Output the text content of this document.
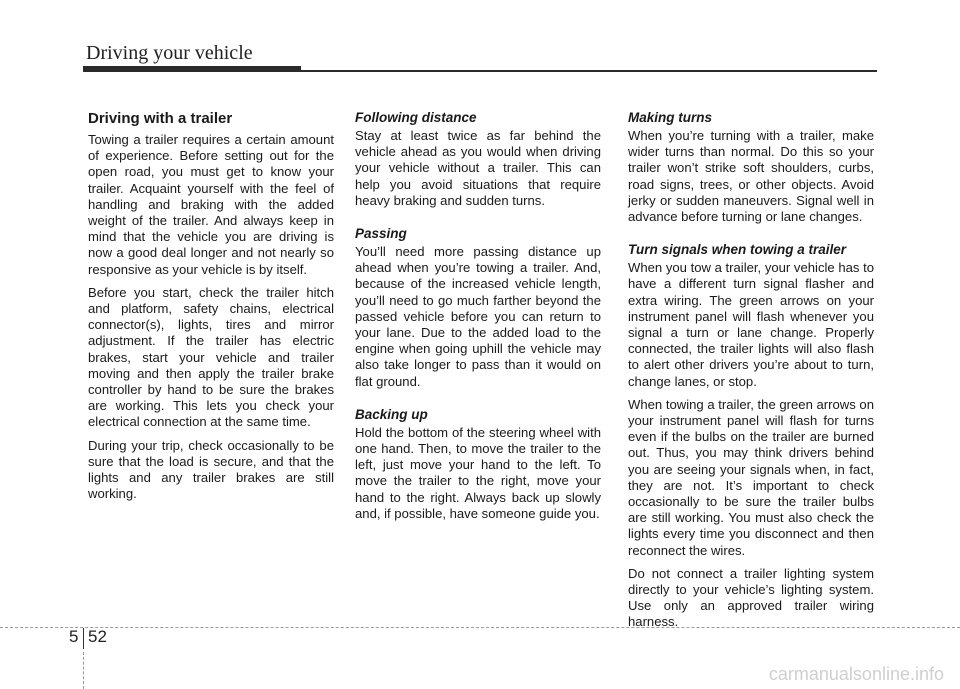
Driving your vehicle
Driving with a trailer

Towing a trailer requires a certain amount of experience. Before setting out for the open road, you must get to know your trailer. Acquaint yourself with the feel of handling and braking with the added weight of the trailer. And always keep in mind that the vehicle you are driving is now a good deal longer and not nearly so responsive as your vehicle is by itself.

Before you start, check the trailer hitch and platform, safety chains, electrical connector(s), lights, tires and mirror adjustment. If the trailer has electric brakes, start your vehicle and trailer moving and then apply the trailer brake controller by hand to be sure the brakes are working. This lets you check your electrical connection at the same time.

During your trip, check occasionally to be sure that the load is secure, and that the lights and any trailer brakes are still working.

Following distance

Stay at least twice as far behind the vehicle ahead as you would when driving your vehicle without a trailer. This can help you avoid situations that require heavy braking and sudden turns.

Passing

You’ll need more passing distance up ahead when you’re towing a trailer. And, because of the increased vehicle length, you’ll need to go much farther beyond the passed vehicle before you can return to your lane. Due to the added load to the engine when going uphill the vehicle may also take longer to pass than it would on flat ground.

Backing up

Hold the bottom of the steering wheel with one hand. Then, to move the trailer to the left, just move your hand to the left. To move the trailer to the right, move your hand to the right. Always back up slowly and, if possible, have someone guide you.

Making turns

When you’re turning with a trailer, make wider turns than normal. Do this so your trailer won’t strike soft shoulders, curbs, road signs, trees, or other objects. Avoid jerky or sudden maneuvers. Signal well in advance before turning or lane changes.

Turn signals when towing a trailer

When you tow a trailer, your vehicle has to have a different turn signal flasher and extra wiring. The green arrows on your instrument panel will flash whenever you signal a turn or lane change. Properly connected, the trailer lights will also flash to alert other drivers you’re about to turn, change lanes, or stop.

When towing a trailer, the green arrows on your instrument panel will flash for turns even if the bulbs on the trailer are burned out. Thus, you may think drivers behind you are seeing your signals when, in fact, they are not. It’s important to check occasionally to be sure the trailer bulbs are still working. You must also check the lights every time you disconnect and then reconnect the wires.

Do not connect a trailer lighting system directly to your vehicle’s lighting system. Use only an approved trailer wiring harness.

5 52
carmanualsonline.info
